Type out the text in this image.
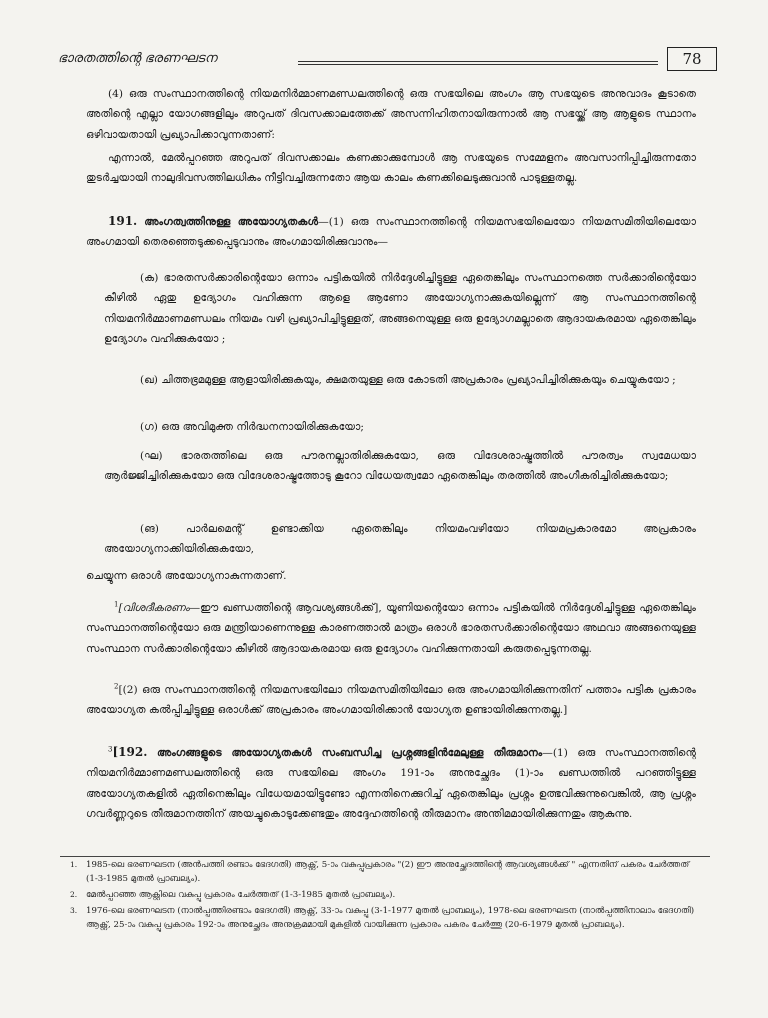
ഭാരതത്തിന്റെ ഭരണഘടന	78
(4) ഒരു സംസ്ഥാനത്തിന്റെ നിയമനിർമ്മാണമണ്ഡലത്തിന്റെ ഒരു സഭയിലെ അംഗം ആ സഭയുടെ അനുവാദം കൂടാതെ അതിന്റെ എല്ലാ യോഗങ്ങളിലും അറുപത് ദിവസക്കാലത്തേക്ക് അസന്നിഹിതനായിരുന്നാൽ ആ സഭയ്ക്ക് ആ ആളുടെ സ്ഥാനം ഒഴിവായതായി പ്രഖ്യാപിക്കാവുന്നതാണ്:
എന്നാൽ, മേൽപ്പറഞ്ഞ അറുപത് ദിവസക്കാലം കണക്കാക്കുമ്പോൾ ആ സഭയുടെ സമ്മേളനം അവസാനിപ്പിച്ചിരുന്നതോ തുടർച്ചയായി നാലുദിവസത്തിലധികം നീട്ടിവച്ചിരുന്നതോ ആയ കാലം കണക്കിലെടുക്കുവാൻ പാടുള്ളതല്ല.
191. അംഗത്വത്തിനുള്ള അയോഗ്യതകൾ—(1) ഒരു സംസ്ഥാനത്തിന്റെ നിയമസഭയിലെയോ നിയമസമിതിയിലെയോ അംഗമായി തെരഞ്ഞെടുക്കപ്പെടുവാനും അംഗമായിരിക്കുവാനും—
(ക) ഭാരതസർക്കാരിന്റെയോ ഒന്നാം പട്ടികയിൽ നിർദ്ദേശിച്ചിട്ടുള്ള ഏതെങ്കിലും സംസ്ഥാനത്തെ സർക്കാരിന്റെയോ കീഴിൽ ഏതു ഉദ്യോഗം വഹിക്കുന്ന ആളെ ആണോ അയോഗ്യനാക്കുകയില്ലെന്ന് ആ സംസ്ഥാനത്തിന്റെ നിയമനിർമ്മാണമണ്ഡലം നിയമം വഴി പ്രഖ്യാപിച്ചിട്ടുള്ളത്, അങ്ങനെയുള്ള ഒരു ഉദ്യോഗമല്ലാതെ ആദായകരമായ ഏതെങ്കിലും ഉദ്യോഗം വഹിക്കുകയോ ;
(ഖ) ചിത്തഭ്രമമുള്ള ആളായിരിക്കുകയും, ക്ഷമതയുള്ള ഒരു കോടതി അപ്രകാരം പ്രഖ്യാപിച്ചിരിക്കുകയും ചെയ്യുകയോ ;
(ഗ) ഒരു അവിമുക്ത നിർദ്ധനനായിരിക്കുകയോ;
(ഘ) ഭാരതത്തിലെ ഒരു പൗരനല്ലാതിരിക്കുകയോ, ഒരു വിദേശരാഷ്ട്രത്തിൽ പൗരത്വം സ്വമേധയാ ആർജ്ജിച്ചിരിക്കുകയോ ഒരു വിദേശരാഷ്ട്രത്തോടു കൂറോ വിധേയത്വമോ ഏതെങ്കിലും തരത്തിൽ അംഗീകരിച്ചിരിക്കുകയോ;
(ങ) പാർലമെന്റ് ഉണ്ടാക്കിയ ഏതെങ്കിലും നിയമംവഴിയോ നിയമപ്രകാരമോ അപ്രകാരം അയോഗ്യനാക്കിയിരിക്കുകയോ,
ചെയ്യുന്ന ഒരാൾ അയോഗ്യനാകുന്നതാണ്.
$^1$[വിശദീകരണം—ഈ ഖണ്ഡത്തിന്റെ ആവശ്യങ്ങൾക്ക്], യൂണിയന്റെയോ ഒന്നാം പട്ടികയിൽ നിർദ്ദേശിച്ചിട്ടുള്ള ഏതെങ്കിലും സംസ്ഥാനത്തിന്റെയോ ഒരു മന്ത്രിയാണെന്നുള്ള കാരണത്താൽ മാത്രം ഒരാൾ ഭാരതസർക്കാരിന്റെയോ അഥവാ അങ്ങനെയുള്ള സംസ്ഥാന സർക്കാരിന്റെയോ കീഴിൽ ആദായകരമായ ഒരു ഉദ്യോഗം വഹിക്കുന്നതായി കരുതപ്പെടുന്നതല്ല.
$^2$[(2) ഒരു സംസ്ഥാനത്തിന്റെ നിയമസഭയിലോ നിയമസമിതിയിലോ ഒരു അംഗമായിരിക്കുന്നതിന് പത്താം പട്ടിക പ്രകാരം അയോഗ്യത കൽപ്പിച്ചിട്ടുള്ള ഒരാൾക്ക് അപ്രകാരം അംഗമായിരിക്കാൻ യോഗ്യത ഉണ്ടായിരിക്കുന്നതല്ല.]
$^3$[192. അംഗങ്ങളുടെ അയോഗ്യതകൾ സംബന്ധിച്ച പ്രശ്നങ്ങളിൻമേലുള്ള തീരുമാനം—(1) ഒരു സംസ്ഥാനത്തിന്റെ നിയമനിർമ്മാണമണ്ഡലത്തിന്റെ ഒരു സഭയിലെ അംഗം 191-ാം അനുച്ഛേദം (1)-ാം ഖണ്ഡത്തിൽ പറഞ്ഞിട്ടുള്ള അയോഗ്യതകളിൽ ഏതിനെങ്കിലും വിധേയമായിട്ടുണ്ടോ എന്നതിനെക്കുറിച്ച് ഏതെങ്കിലും പ്രശ്നം ഉത്ഭവിക്കുന്നുവെങ്കിൽ, ആ പ്രശ്നം ഗവർണ്ണറുടെ തീരുമാനത്തിന് അയച്ചുകൊടുക്കേണ്ടതും അദ്ദേഹത്തിന്റെ തീരുമാനം അന്തിമമായിരിക്കുന്നതും ആകുന്നു.
1. 1985-ലെ ഭരണഘടന (അൻപത്തി രണ്ടാം ഭേദഗതി) ആക്റ്റ്, 5-ാം വകുപ്പുപ്രകാരം "(2) ഈ അനുച്ഛേദത്തിന്റെ ആവശ്യങ്ങൾക്ക് " എന്നതിന് പകരം ചേർത്തത് (1-3-1985 മുതൽ പ്രാബല്യം).
2. മേൽപ്പറഞ്ഞ ആക്റ്റിലെ വകുപ്പു പ്രകാരം ചേർത്തത് (1-3-1985 മുതൽ പ്രാബല്യം).
3. 1976-ലെ ഭരണഘടന (നാൽപ്പത്തിരണ്ടാം ഭേദഗതി) ആക്റ്റ്, 33-ാം വകുപ്പു (3-1-1977 മുതൽ പ്രാബല്യം), 1978-ലെ ഭരണഘടന (നാൽപ്പത്തിനാലാം ഭേദഗതി) ആക്റ്റ്, 25-ാം വകുപ്പു പ്രകാരം 192-ാം അനുച്ഛേദം അനുക്രമമായി മുകളിൽ വായിക്കുന്ന പ്രകാരം പകരം ചേർത്തു (20-6-1979 മുതൽ പ്രാബല്യം).
